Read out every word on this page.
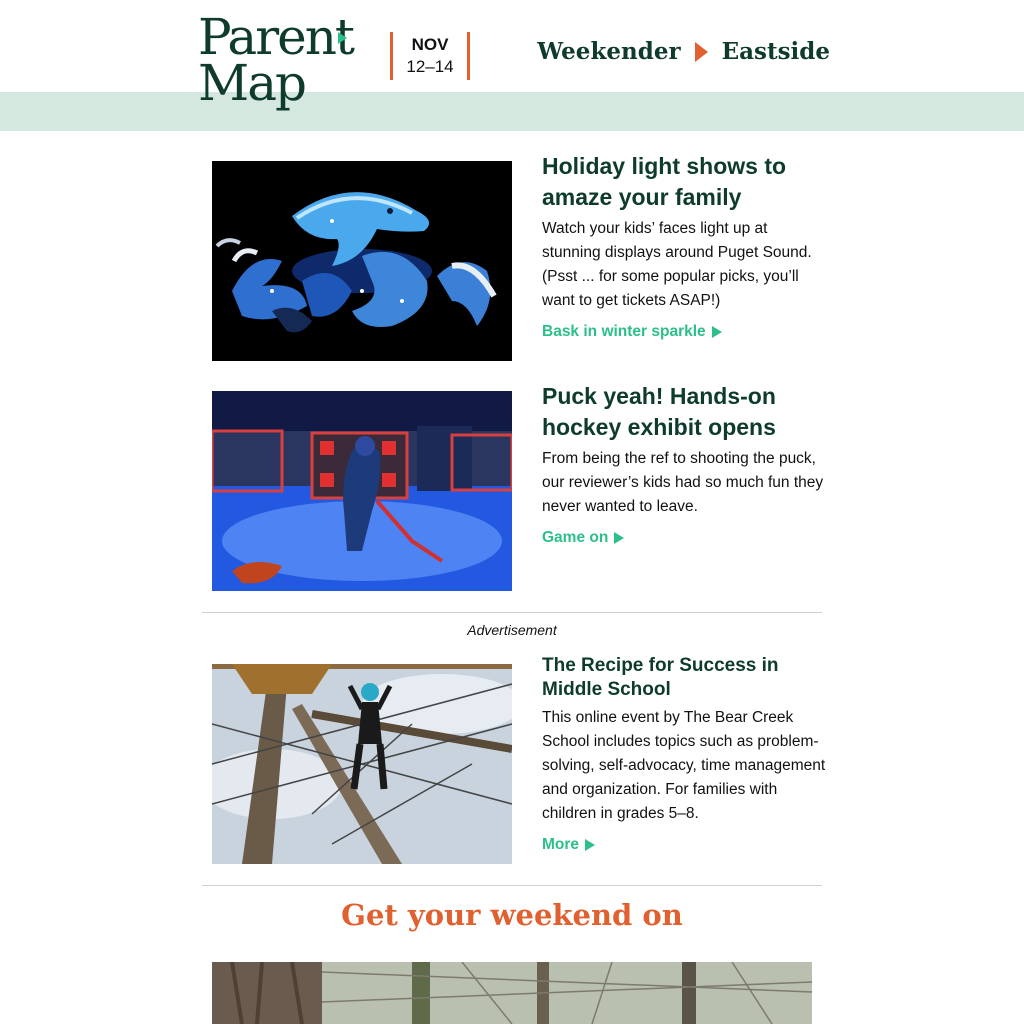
Parent
Map
NOV
12–14
Weekender Eastside
Holiday light shows to amaze your family

Watch your kids’ faces light up at stunning displays around Puget Sound. (Psst ... for some popular picks, you’ll want to get tickets ASAP!)

Bask in winter sparkle
Puck yeah! Hands-on hockey exhibit opens

From being the ref to shooting the puck, our reviewer’s kids had so much fun they never wanted to leave.

Game on
Advertisement
The Recipe for Success in Middle School

This online event by The Bear Creek School includes topics such as problem-solving, self-advocacy, time management and organization. For families with children in grades 5–8.

More
Get your weekend on
